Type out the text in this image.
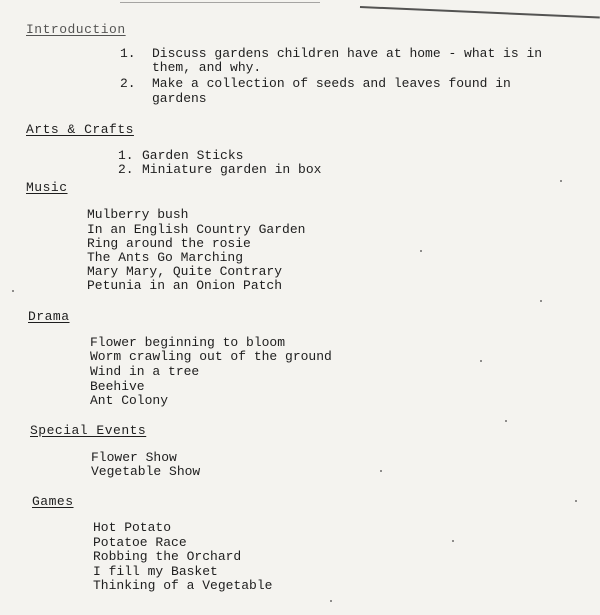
Introduction
1. Discuss gardens children have at home - what is in
them, and why.
2. Make a collection of seeds and leaves found in
gardens
Arts & Crafts
1. Garden Sticks
2. Miniature garden in box
Music
Mulberry bush
In an English Country Garden
Ring around the rosie
The Ants Go Marching
Mary Mary, Quite Contrary
Petunia in an Onion Patch
Drama
Flower beginning to bloom
Worm crawling out of the ground
Wind in a tree
Beehive
Ant Colony
Special Events
Flower Show
Vegetable Show
Games
Hot Potato
Potatoe Race
Robbing the Orchard
I fill my Basket
Thinking of a Vegetable
